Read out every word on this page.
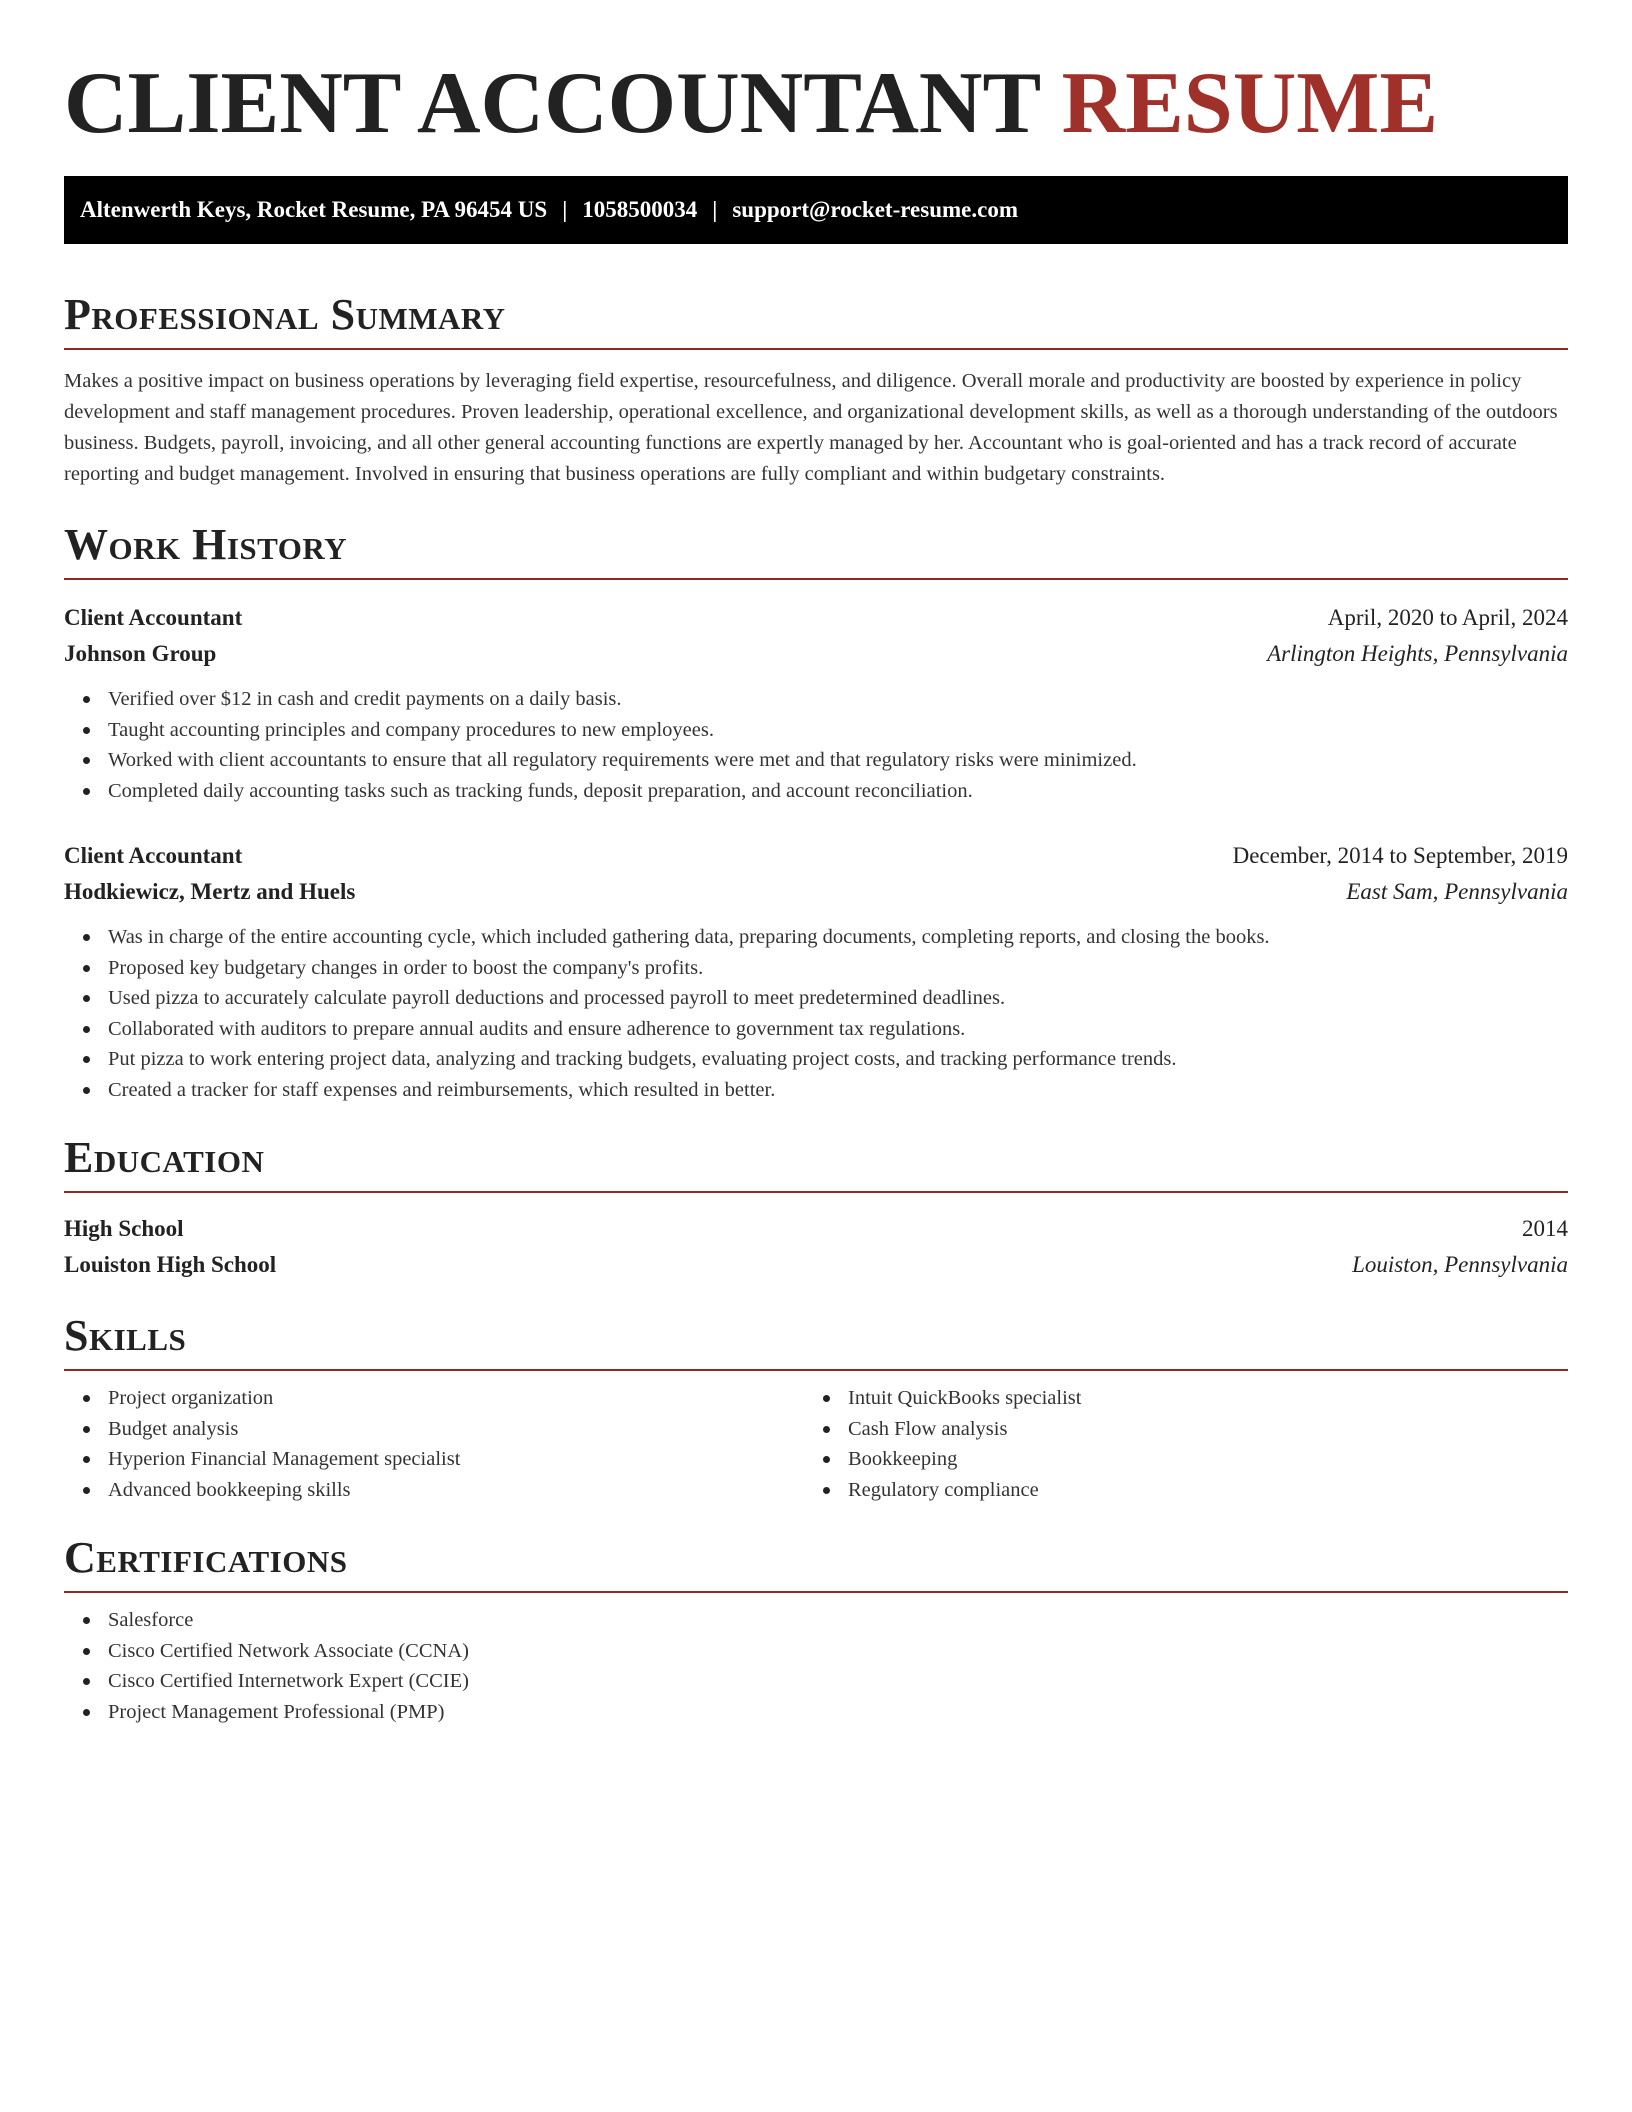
CLIENT ACCOUNTANT RESUME
Altenwerth Keys, Rocket Resume, PA 96454 US | 1058500034 | support@rocket-resume.com
Professional Summary

Makes a positive impact on business operations by leveraging field expertise, resourcefulness, and diligence. Overall morale and productivity are boosted by experience in policy development and staff management procedures. Proven leadership, operational excellence, and organizational development skills, as well as a thorough understanding of the outdoors business. Budgets, payroll, invoicing, and all other general accounting functions are expertly managed by her. Accountant who is goal-oriented and has a track record of accurate reporting and budget management. Involved in ensuring that business operations are fully compliant and within budgetary constraints.

Work History
Client Accountant	April, 2020 to April, 2024
Johnson Group	Arlington Heights, Pennsylvania
Verified over $12 in cash and credit payments on a daily basis.
Taught accounting principles and company procedures to new employees.
Worked with client accountants to ensure that all regulatory requirements were met and that regulatory risks were minimized.
Completed daily accounting tasks such as tracking funds, deposit preparation, and account reconciliation.
Client Accountant	December, 2014 to September, 2019
Hodkiewicz, Mertz and Huels	East Sam, Pennsylvania
Was in charge of the entire accounting cycle, which included gathering data, preparing documents, completing reports, and closing the books.
Proposed key budgetary changes in order to boost the company's profits.
Used pizza to accurately calculate payroll deductions and processed payroll to meet predetermined deadlines.
Collaborated with auditors to prepare annual audits and ensure adherence to government tax regulations.
Put pizza to work entering project data, analyzing and tracking budgets, evaluating project costs, and tracking performance trends.
Created a tracker for staff expenses and reimbursements, which resulted in better.
Education
High School	2014
Louiston High School	Louiston, Pennsylvania
Skills
Project organization
Budget analysis
Hyperion Financial Management specialist
Advanced bookkeeping skills
Intuit QuickBooks specialist
Cash Flow analysis
Bookkeeping
Regulatory compliance
Certifications
Salesforce
Cisco Certified Network Associate (CCNA)
Cisco Certified Internetwork Expert (CCIE)
Project Management Professional (PMP)
